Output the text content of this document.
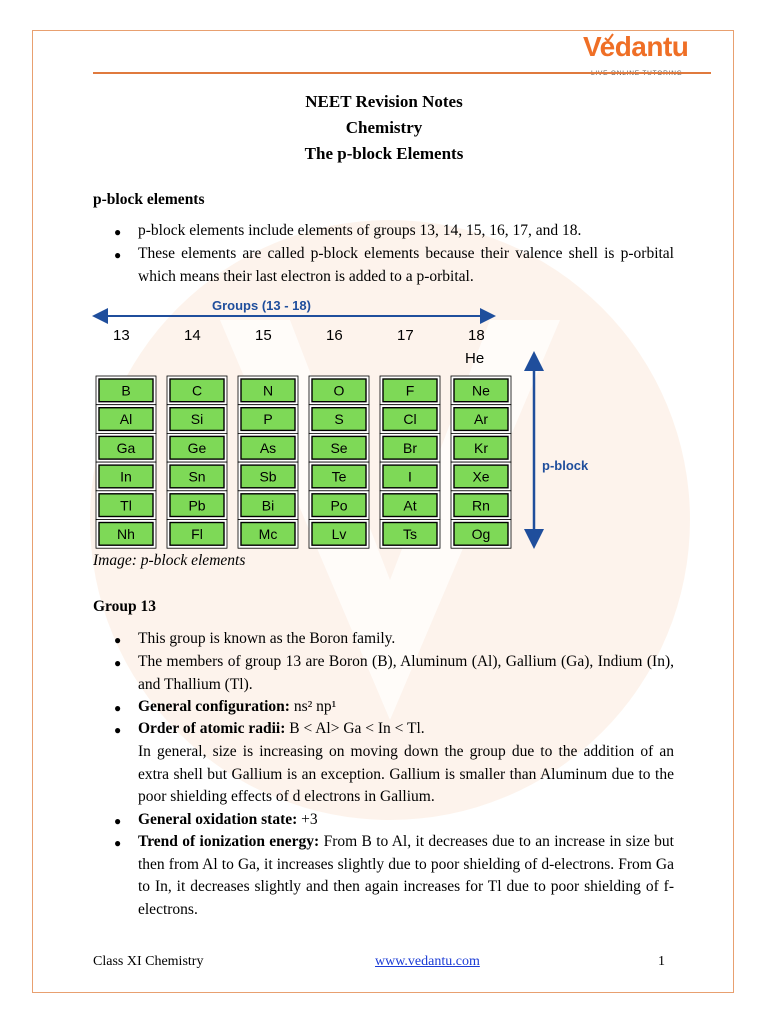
Vedantu
NEET Revision Notes
Chemistry
The p-block Elements
p-block elements
● p-block elements include elements of groups 13, 14, 15, 16, 17, and 18.
● These elements are called p-block elements because their valence shell is p-orbital which means their last electron is added to a p-orbital.
Groups (13 - 18)
13	14	15	16	17	18
He
B	C	N	O	F	Ne
Al	Si	P	S	Cl	Ar
Ga	Ge	As	Se	Br	Kr
In	Sn	Sb	Te	I	Xe
Tl	Pb	Bi	Po	At	Rn
Nh	Fl	Mc	Lv	Ts	Og
p-block
Image: p-block elements
Group 13
● This group is known as the Boron family.
● The members of group 13 are Boron (B), Aluminum (Al), Gallium (Ga), Indium (In), and Thallium (Tl).
● General configuration: ns² np¹
● Order of atomic radii: B < Al> Ga < In < Tl.
In general, size is increasing on moving down the group due to the addition of an extra shell but Gallium is an exception. Gallium is smaller than Aluminum due to the poor shielding effects of d electrons in Gallium.
● General oxidation state: +3
● Trend of ionization energy: From B to Al, it decreases due to an increase in size but then from Al to Ga, it increases slightly due to poor shielding of d-electrons. From Ga to In, it decreases slightly and then again increases for Tl due to poor shielding of f-electrons.
Class XI Chemistry	www.vedantu.com	1
